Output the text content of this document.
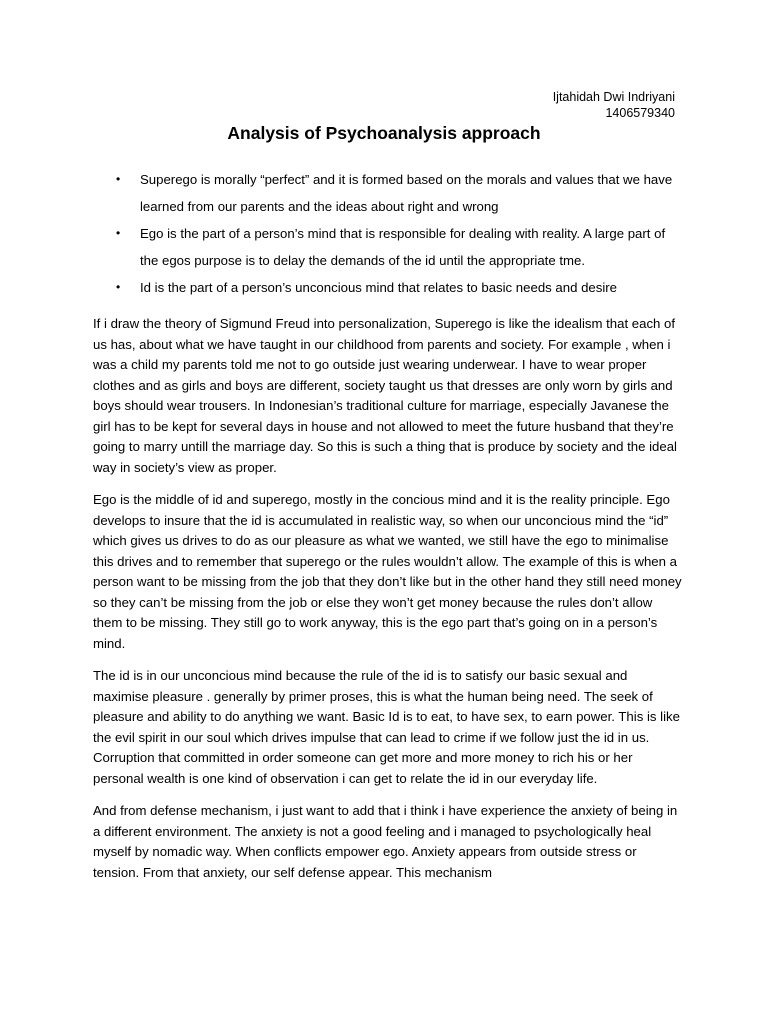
Ijtahidah Dwi Indriyani
1406579340
Analysis of Psychoanalysis approach
• Superego is morally “perfect” and it is formed based on the morals and values that we have learned from our parents and the ideas about right and wrong
• Ego is the part of a person’s mind that is responsible for dealing with reality. A large part of the egos purpose is to delay the demands of the id until the appropriate tme.
• Id is the part of a person’s unconcious mind that relates to basic needs and desire

If i draw the theory of Sigmund Freud into personalization, Superego is like the idealism that each of us has, about what we have taught in our childhood from parents and society. For example , when i was a child my parents told me not to go outside just wearing underwear. I have to wear proper clothes and as girls and boys are different, society taught us that dresses are only worn by girls and boys should wear trousers. In Indonesian’s traditional culture for marriage, especially Javanese the girl has to be kept for several days in house and not allowed to meet the future husband that they’re going to marry untill the marriage day. So this is such a thing that is produce by society and the ideal way in society’s view as proper.

Ego is the middle of id and superego, mostly in the concious mind and it is the reality principle. Ego develops to insure that the id is accumulated in realistic way, so when our unconcious mind the “id” which gives us drives to do as our pleasure as what we wanted, we still have the ego to minimalise this drives and to remember that superego or the rules wouldn’t allow. The example of this is when a person want to be missing from the job that they don’t like but in the other hand they still need money so they can’t be missing from the job or else they won’t get money because the rules don’t allow them to be missing. They still go to work anyway, this is the ego part that’s going on in a person’s mind.

The id is in our unconcious mind because the rule of the id is to satisfy our basic sexual and maximise pleasure . generally by primer proses, this is what the human being need. The seek of pleasure and ability to do anything we want. Basic Id is to eat, to have sex, to earn power. This is like the evil spirit in our soul which drives impulse that can lead to crime if we follow just the id in us. Corruption that committed in order someone can get more and more money to rich his or her personal wealth is one kind of observation i can get to relate the id in our everyday life.

And from defense mechanism, i just want to add that i think i have experience the anxiety of being in a different environment. The anxiety is not a good feeling and i managed to psychologically heal myself by nomadic way. When conflicts empower ego. Anxiety appears from outside stress or tension. From that anxiety, our self defense appear. This mechanism
